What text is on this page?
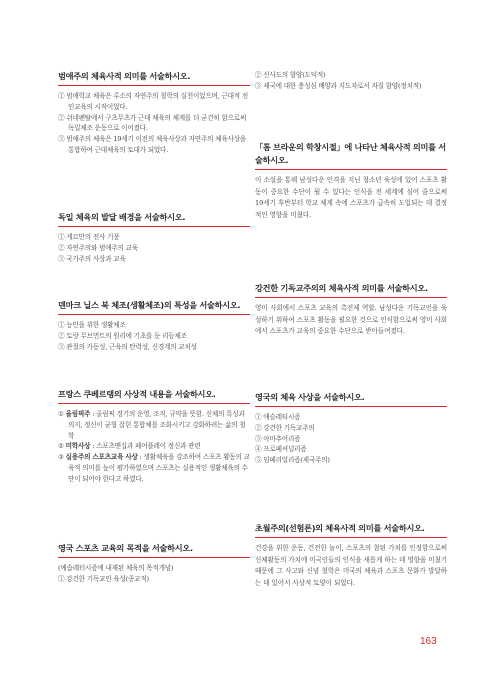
범애주의 체육사적 의미를 서술하시오.
① 범애학교 체육은 루소의 자연주의 철학의 실천이었으며, 근대적 전인교육의 시작이었다.
② 쉬네펜탈에서 구츠무츠가 근대 체육의 체계를 더 굳건히 함으로써 독일체조 운동으로 이어졌다.
③ 범애주의 체육은 19세기 이전의 체육사상과 자연주의 체육사상을 통합하여 근대체육의 토대가 되었다.
독일 체육의 발달 배경을 서술하시오.
① 게르만의 전사 기풍
② 자연주의와 범애주의 교육
③ 국가주의 사상과 교육
덴마크 닐스 북 체조(생활체조)의 특성을 서술하시오.
① 능민을 위한 생활체조
② 토랑 무브먼트의 원리에 기초를 둔 리듬체조
③ 관절의 가동성, 근육의 탄력성, 신경계의 교치성
프랑스 쿠베르탱의 사상적 내용을 서술하시오.
① 올림픽주 : 올림픽 경기의 운영, 조직, 규약을 뜻함. 신체의 특성과 의지, 정신이 균형 잡힌 통합체를 조화시키고 강화하려는 삶의 철학
② 미학사상 : 스포츠맨십과 페어플레이 정신과 관련
③ 실용주의 스포츠교육 사상 : 생활체육을 강조하여 스포츠 활동의 교육적 의미를 높이 평가하였으며 스포츠는 실용적인 생활체육의 수단이 되어야 한다고 하였다.
영국 스포츠 교육의 목적을 서술하시오.
(예습레터시즘에 내재된 체육의 목적개념)
① 강건한 기독교인 육성(종교적)
② 신사도의 함양(도덕적)
③ 제국에 대한 충성심 배양과 지도자로서 자질 함양(정치적)
「톰 브라운의 학창시절」에 나타난 체육사적 의미를 서술하시오.
이 소설을 통해 남성다운 인격을 지닌 청소년 육성에 있어 스포츠 활동이 중요한 수단이 될 수 있다는 인식을 전 세계에 심어 줌으로써 19세기 후반부터 학교 체계 속에 스포츠가 급속히 도입되는 데 결정적인 영향을 미쳤다.
강건한 기독교주의의 체육사적 의미를 서술하시오.
영미 사회에서 스포츠 교육의 촉진제 역할. 남성다운 기독교인을 육성하기 위하여 스포츠 활동을 필요한 것으로 인식함으로써 영미 사회에서 스포츠가 교육의 중요한 수단으로 받아들여졌다.
영국의 체육 사상을 서술하시오.
① 애슬레티시즘
② 강건한 기독교주의
③ 아마추어리즘
④ 프로페셔널리즘
⑤ 임페리얼리즘(제국주의)
초월주의(선험론)의 체육사적 의미를 서술하시오.
건강을 위한 운동, 건전한 놀이, 스포츠의 참된 가치를 인정함으로써 신체활동의 가치에 미국인들의 인식을 새롭게 하는 데 영향을 미쳤기 때문에 그 사고와 신념 철학은 미국의 체육과 스포츠 문화가 발달하는 데 있어서 사상적 토양이 되었다.
163
